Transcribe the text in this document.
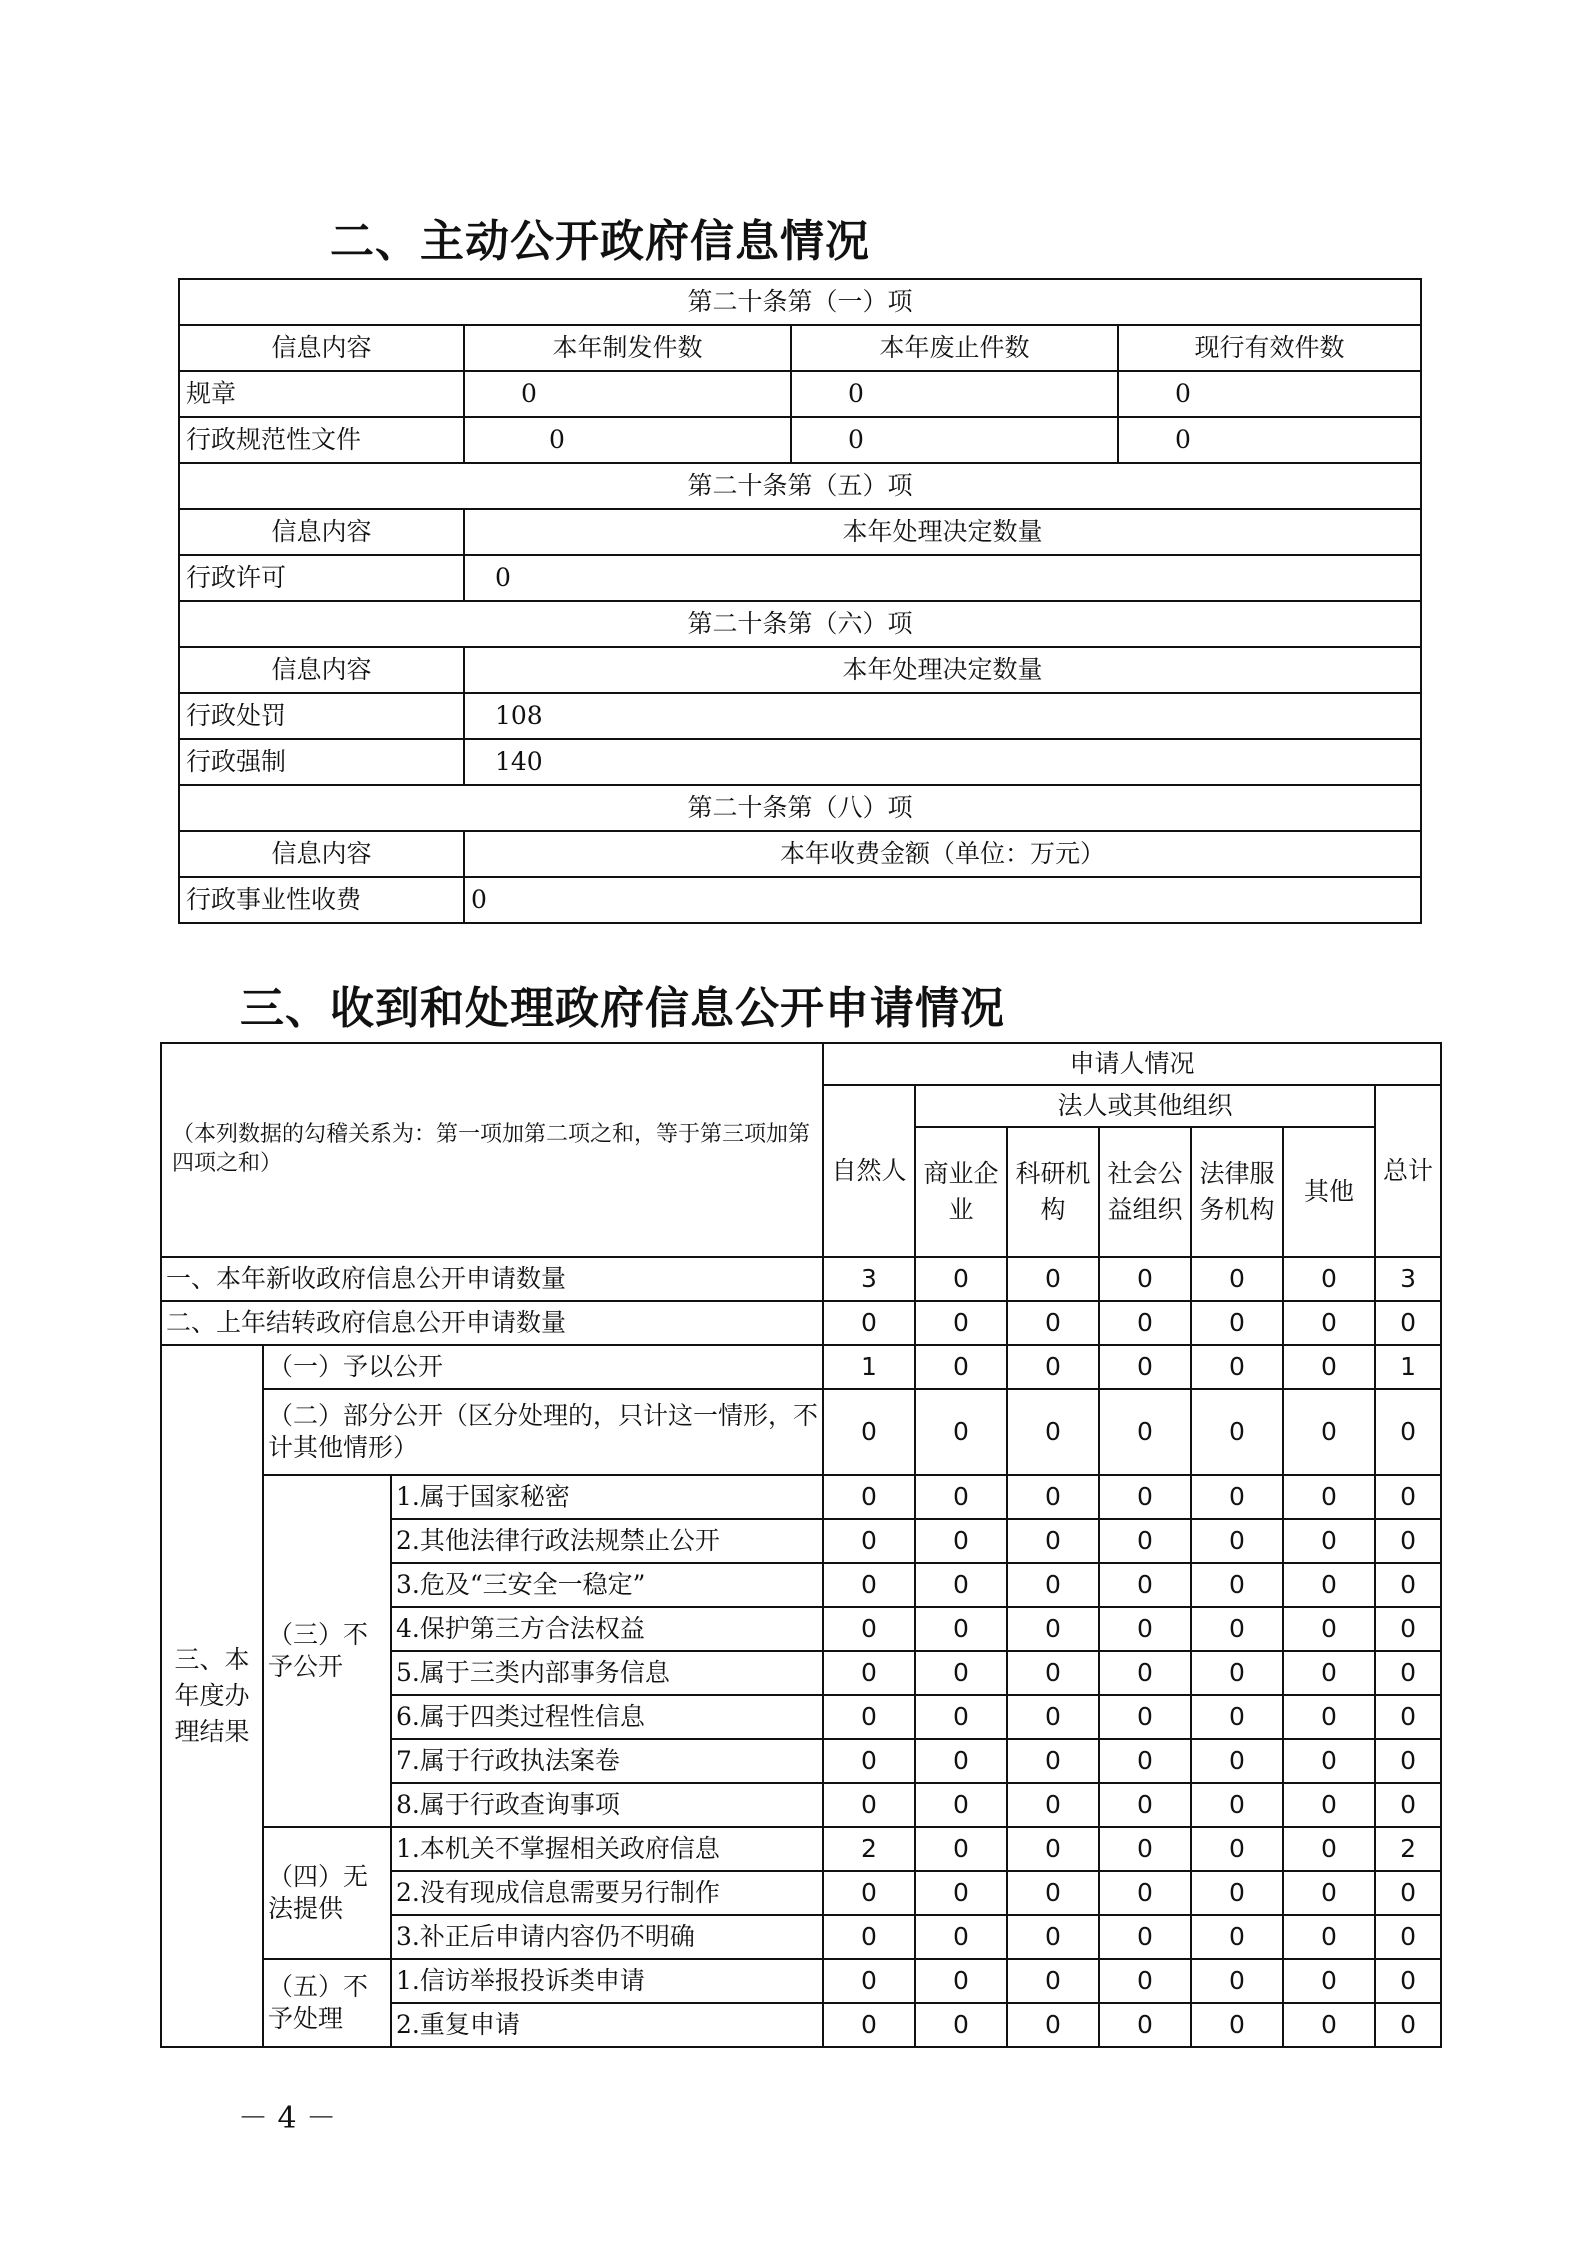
二、主动公开政府信息情况
第二十条第（一）项			
信息内容	本年制发件数	本年废止件数	现行有效件数
规章	0	0	0
行政规范性文件	0	0	0
第二十条第（五）项			
信息内容	本年处理决定数量		
行政许可	0		
第二十条第（六）项			
信息内容	本年处理决定数量		
行政处罚	108		
行政强制	140		
第二十条第（八）项			
信息内容	本年收费金额（单位：万元）		
行政事业性收费	0		
三、收到和处理政府信息公开申请情况
（本列数据的勾稽关系为：第一项加第二项之和，等于第三项加第四项之和）			申请人情况						
			自然人	法人或其他组织					总计
				商业企业	科研机构	社会公益组织	法律服务机构	其他	
一、本年新收政府信息公开申请数量			3	0	0	0	0	0	3
二、上年结转政府信息公开申请数量			0	0	0	0	0	0	0
三、本年度办理结果	（一）予以公开		1	0	0	0	0	0	1
	（二）部分公开（区分处理的，只计这一情形，不计其他情形）		0	0	0	0	0	0	0
	（三）不予公开	1.属于国家秘密	0	0	0	0	0	0	0
		2.其他法律行政法规禁止公开	0	0	0	0	0	0	0
		3.危及“三安全一稳定”	0	0	0	0	0	0	0
		4.保护第三方合法权益	0	0	0	0	0	0	0
		5.属于三类内部事务信息	0	0	0	0	0	0	0
		6.属于四类过程性信息	0	0	0	0	0	0	0
		7.属于行政执法案卷	0	0	0	0	0	0	0
		8.属于行政查询事项	0	0	0	0	0	0	0
	（四）无法提供	1.本机关不掌握相关政府信息	2	0	0	0	0	0	2
		2.没有现成信息需要另行制作	0	0	0	0	0	0	0
		3.补正后申请内容仍不明确	0	0	0	0	0	0	0
	（五）不予处理	1.信访举报投诉类申请	0	0	0	0	0	0	0
		2.重复申请	0	0	0	0	0	0	0
－ 4 －
